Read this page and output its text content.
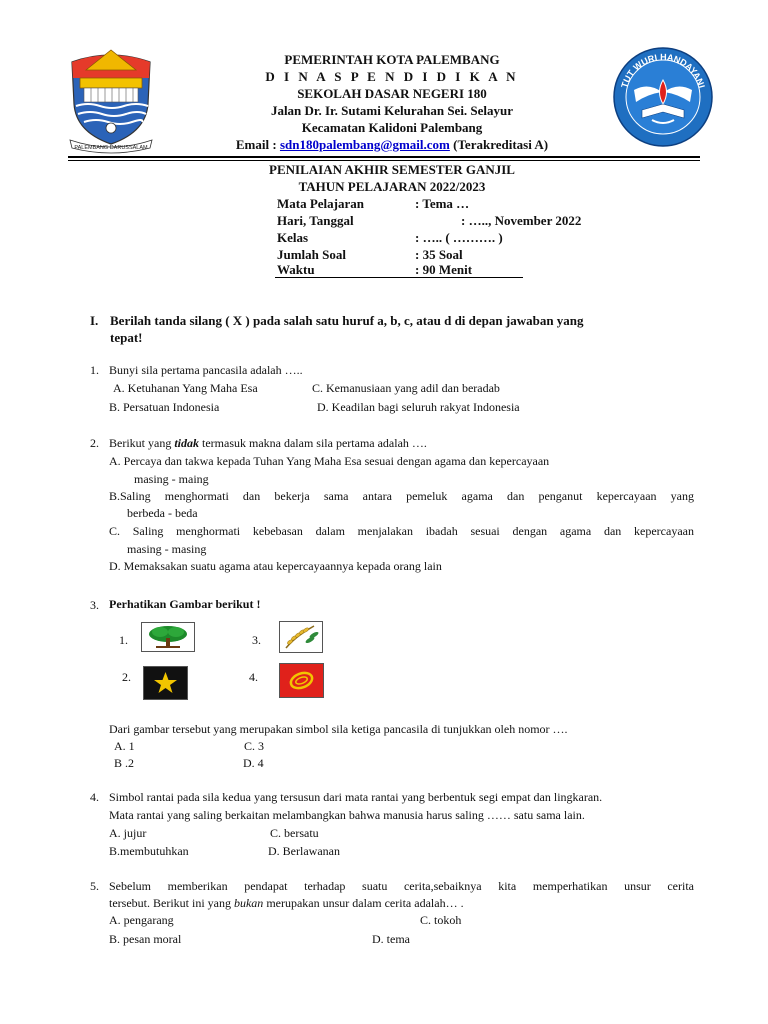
PALEMBANG DARUSSALAM
PEMERINTAH KOTA PALEMBANG
D I N A S P E N D I D I K A N
SEKOLAH DASAR NEGERI 180
Jalan Dr. Ir. Sutami Kelurahan Sei. Selayur
Kecamatan Kalidoni Palembang
Email : sdn180palembang@gmail.com (Terakreditasi A)
TUT WURI HANDAYANI
PENILAIAN AKHIR SEMESTER GANJIL
TAHUN PELAJARAN 2022/2023
Mata Pelajaran	: Tema …
Hari, Tanggal	: ….., November 2022
Kelas	: ….. ( ………. )
Jumlah Soal	: 35 Soal
Waktu	: 90 Menit
I. Berilah tanda silang ( X ) pada salah satu huruf a, b, c, atau d di depan jawaban yang
tepat!
1. Bunyi sila pertama pancasila adalah …..
A. Ketuhanan Yang Maha Esa	C. Kemanusiaan yang adil dan beradab
B. Persatuan Indonesia	D. Keadilan bagi seluruh rakyat Indonesia
2. Berikut yang tidak termasuk makna dalam sila pertama adalah ….
A. Percaya dan takwa kepada Tuhan Yang Maha Esa sesuai dengan agama dan kepercayaan
masing - maing
B.Saling menghormati dan bekerja sama antara pemeluk agama dan penganut kepercayaan yang
berbeda - beda
C. Saling menghormati kebebasan dalam menjalakan ibadah sesuai dengan agama dan kepercayaan
masing - masing
D. Memaksakan suatu agama atau kepercayaannya kepada orang lain
3. Perhatikan Gambar berikut !
1.	3.
2.	4.
Dari gambar tersebut yang merupakan simbol sila ketiga pancasila di tunjukkan oleh nomor ….
A. 1	C. 3
B .2	D. 4
4. Simbol rantai pada sila kedua yang tersusun dari mata rantai yang berbentuk segi empat dan lingkaran.
Mata rantai yang saling berkaitan melambangkan bahwa manusia harus saling …… satu sama lain.
A. jujur	C. bersatu
B.membutuhkan	D. Berlawanan
5. Sebelum memberikan pendapat terhadap suatu cerita,sebaiknya kita memperhatikan unsur cerita
tersebut. Berikut ini yang bukan merupakan unsur dalam cerita adalah… .
A. pengarang	C. tokoh
B. pesan moral	D. tema
